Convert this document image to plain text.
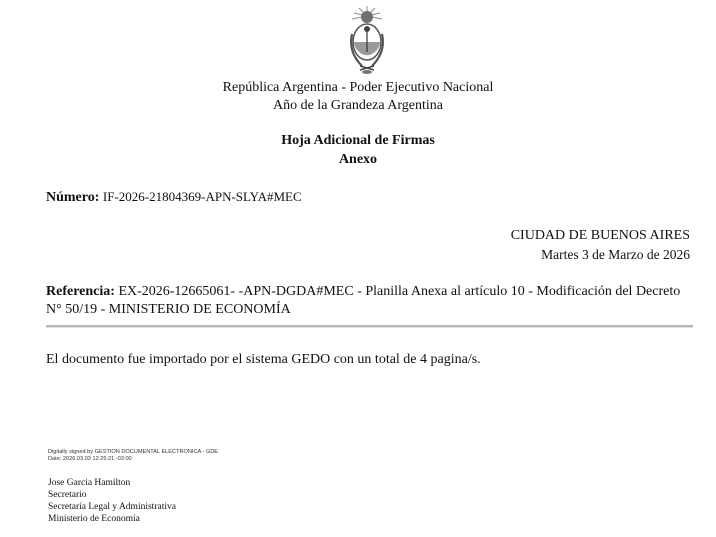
República Argentina - Poder Ejecutivo Nacional
Año de la Grandeza Argentina
Hoja Adicional de Firmas
Anexo
Número: IF-2026-21804369-APN-SLYA#MEC
CIUDAD DE BUENOS AIRES
Martes 3 de Marzo de 2026
Referencia: EX-2026-12665061- -APN-DGDA#MEC - Planilla Anexa al artículo 10 - Modificación del Decreto N° 50/19 - MINISTERIO DE ECONOMÍA
El documento fue importado por el sistema GEDO con un total de 4 pagina/s.
Digitally signed by GESTION DOCUMENTAL ELECTRONICA - GDE
Date: 2026.03.03 12:25:21 -03:00
Jose Garcia Hamilton
Secretario
Secretaría Legal y Administrativa
Ministerio de Economía
